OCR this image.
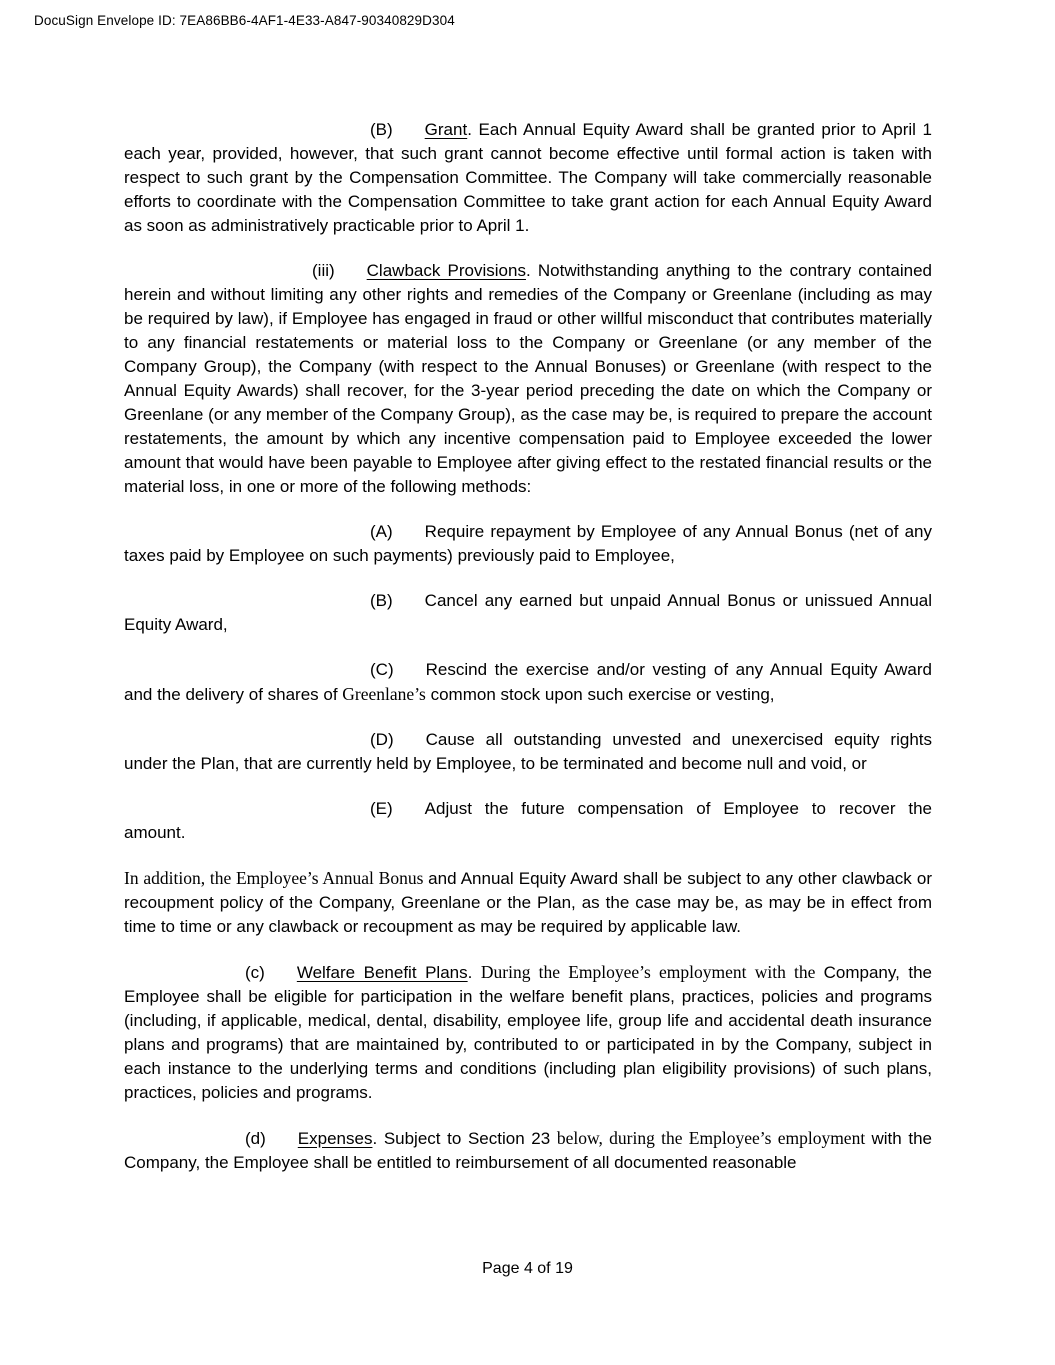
DocuSign Envelope ID: 7EA86BB6-4AF1-4E33-A847-90340829D304

(B) Grant. Each Annual Equity Award shall be granted prior to April 1 each year, provided, however, that such grant cannot become effective until formal action is taken with respect to such grant by the Compensation Committee. The Company will take commercially reasonable efforts to coordinate with the Compensation Committee to take grant action for each Annual Equity Award as soon as administratively practicable prior to April 1.

(iii) Clawback Provisions. Notwithstanding anything to the contrary contained herein and without limiting any other rights and remedies of the Company or Greenlane (including as may be required by law), if Employee has engaged in fraud or other willful misconduct that contributes materially to any financial restatements or material loss to the Company or Greenlane (or any member of the Company Group), the Company (with respect to the Annual Bonuses) or Greenlane (with respect to the Annual Equity Awards) shall recover, for the 3-year period preceding the date on which the Company or Greenlane (or any member of the Company Group), as the case may be, is required to prepare the account restatements, the amount by which any incentive compensation paid to Employee exceeded the lower amount that would have been payable to Employee after giving effect to the restated financial results or the material loss, in one or more of the following methods:

(A) Require repayment by Employee of any Annual Bonus (net of any taxes paid by Employee on such payments) previously paid to Employee,

(B) Cancel any earned but unpaid Annual Bonus or unissued Annual Equity Award,

(C) Rescind the exercise and/or vesting of any Annual Equity Award and the delivery of shares of Greenlane’s common stock upon such exercise or vesting,

(D) Cause all outstanding unvested and unexercised equity rights under the Plan, that are currently held by Employee, to be terminated and become null and void, or

(E) Adjust the future compensation of Employee to recover the amount.

In addition, the Employee’s Annual Bonus and Annual Equity Award shall be subject to any other clawback or recoupment policy of the Company, Greenlane or the Plan, as the case may be, as may be in effect from time to time or any clawback or recoupment as may be required by applicable law.

(c) Welfare Benefit Plans. During the Employee’s employment with the Company, the Employee shall be eligible for participation in the welfare benefit plans, practices, policies and programs (including, if applicable, medical, dental, disability, employee life, group life and accidental death insurance plans and programs) that are maintained by, contributed to or participated in by the Company, subject in each instance to the underlying terms and conditions (including plan eligibility provisions) of such plans, practices, policies and programs.

(d) Expenses. Subject to Section 23 below, during the Employee’s employment with the Company, the Employee shall be entitled to reimbursement of all documented reasonable

Page 4 of 19
